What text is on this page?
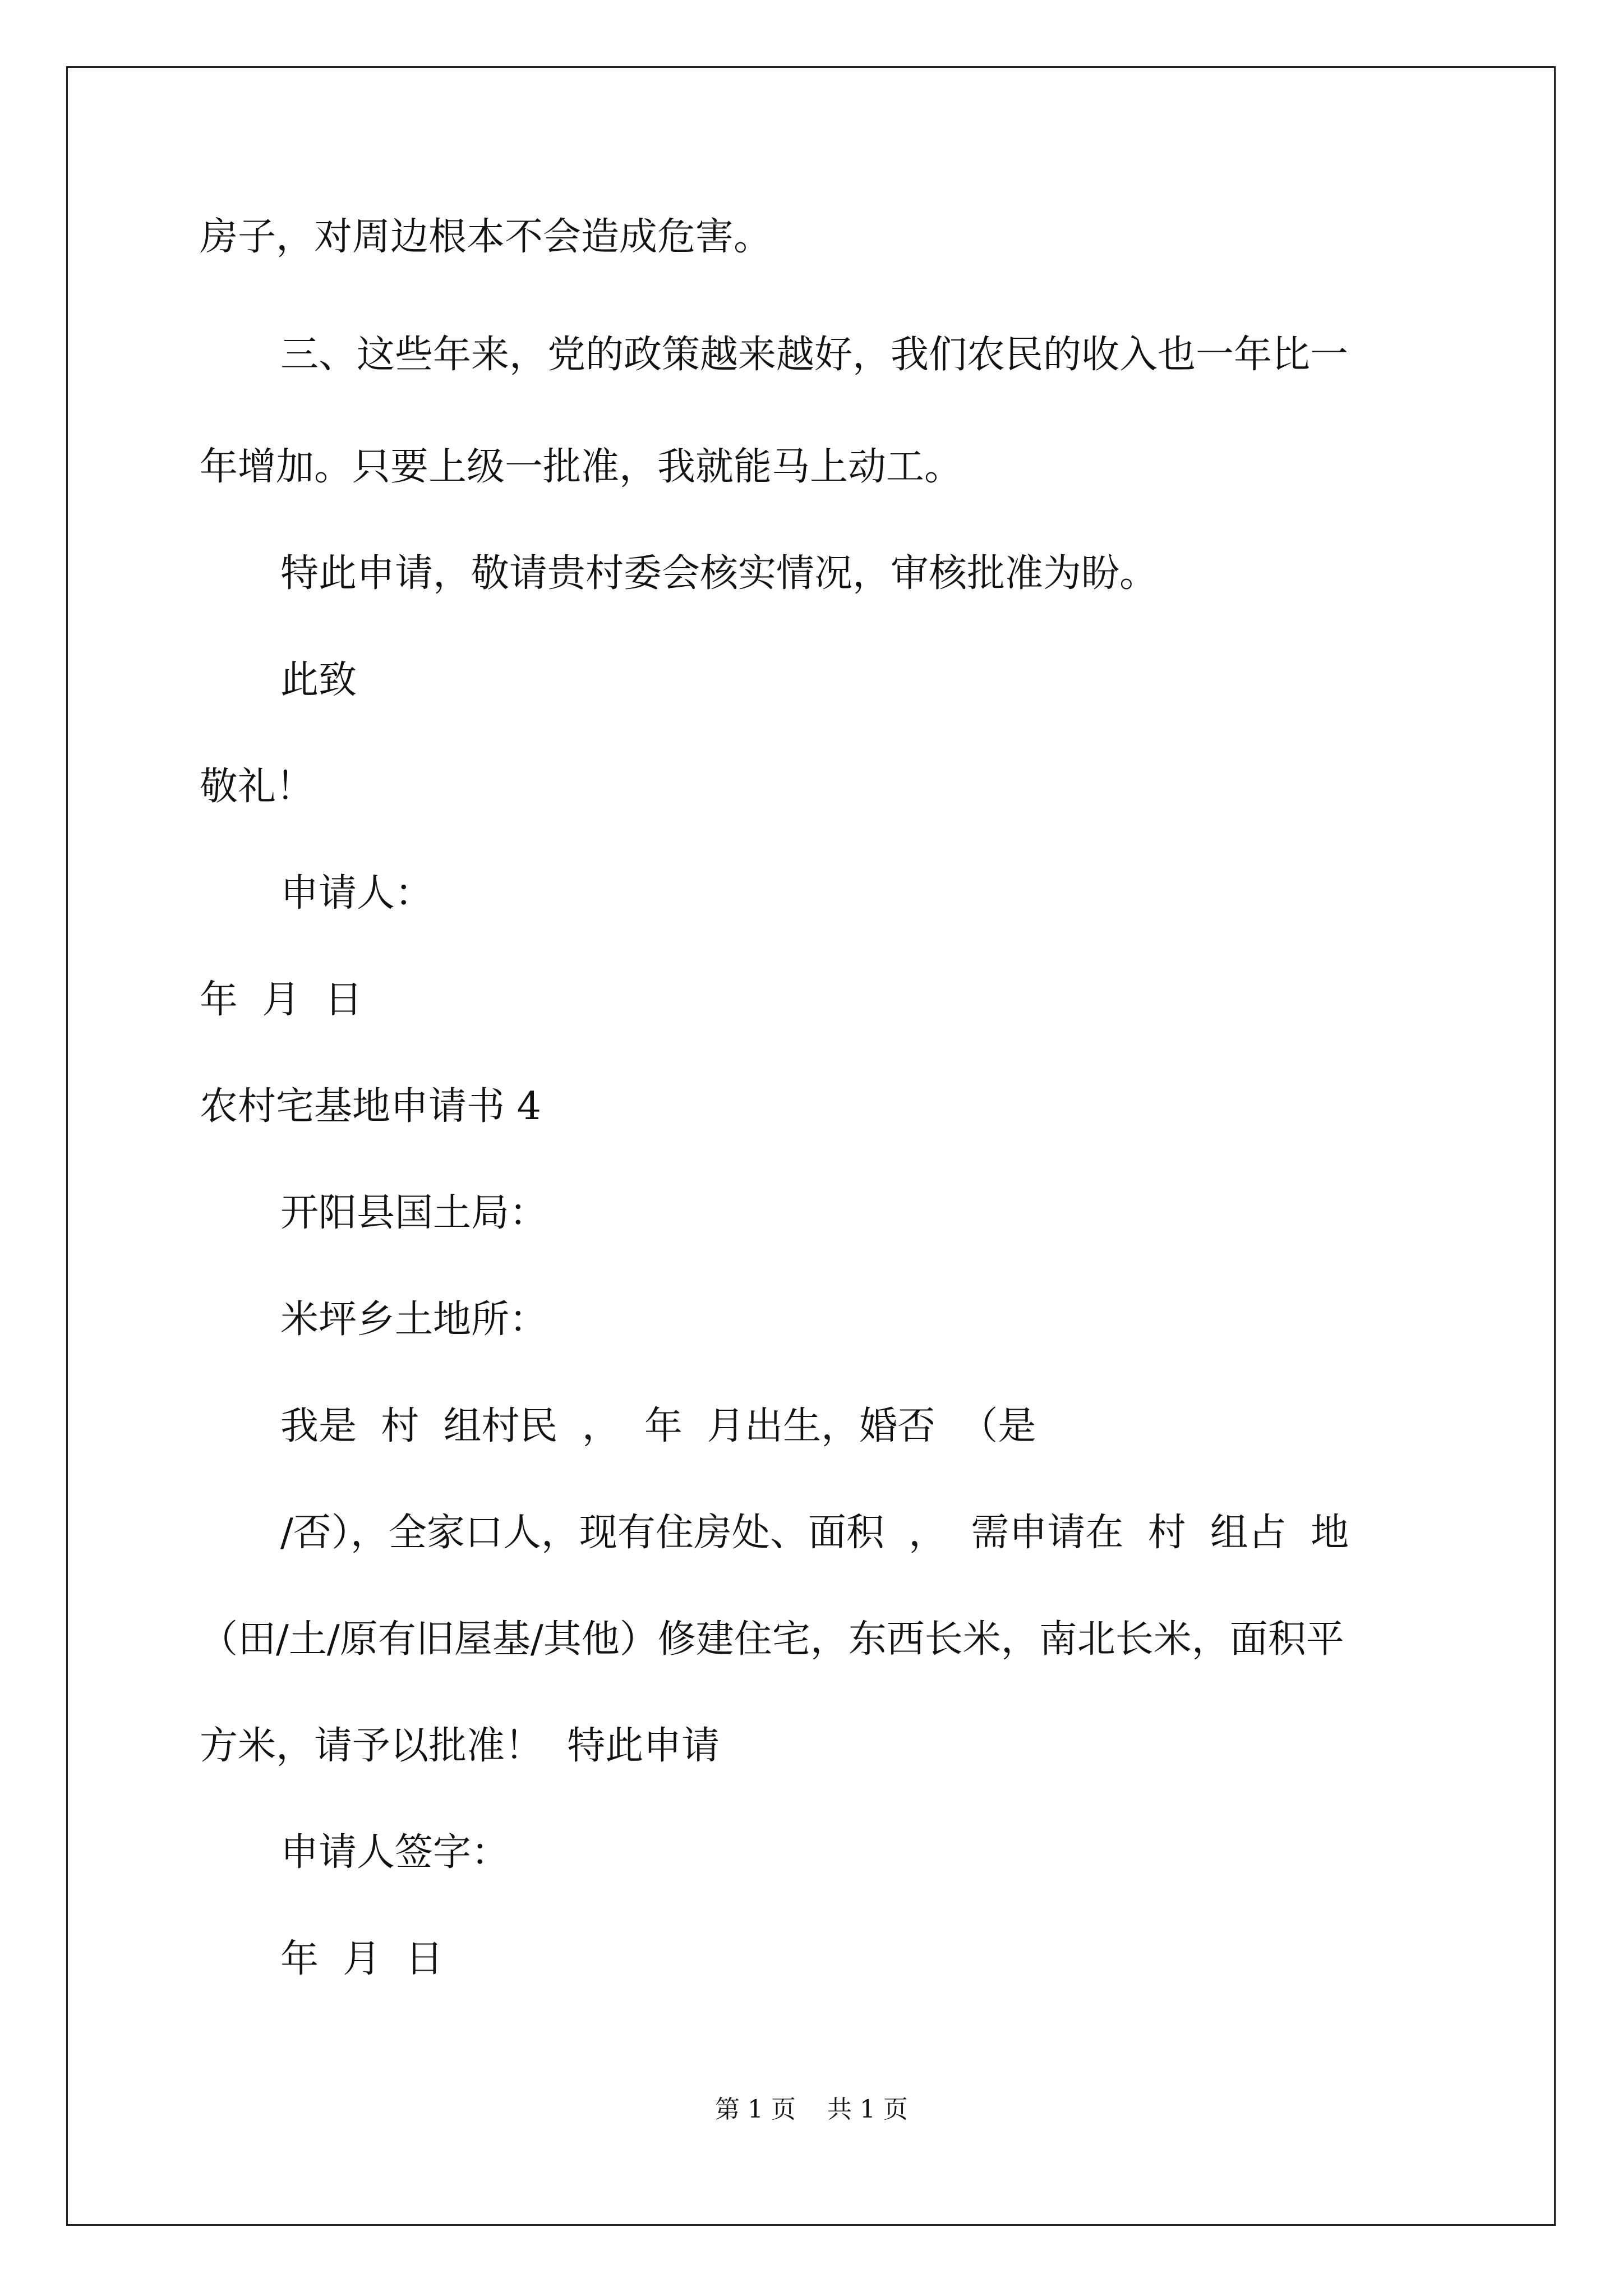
房子，对周边根本不会造成危害。

三、这些年来，党的政策越来越好，我们农民的收入也一年比一

年增加。只要上级一批准，我就能马上动工。

特此申请，敬请贵村委会核实情况，审核批准为盼。

此致

敬礼！

申请人：

年  月  日

农村宅基地申请书 4

开阳县国土局：

米坪乡土地所：

我是  村  组村民  ，  年  月出生，婚否  （是

/否），全家口人，现有住房处、面积  ，  需申请在  村  组占  地

（田/土/原有旧屋基/其他）修建住宅，东西长米，南北长米，面积平

方米，请予以批准！  特此申请

申请人签字：

年  月  日

第 1 页    共 1 页
